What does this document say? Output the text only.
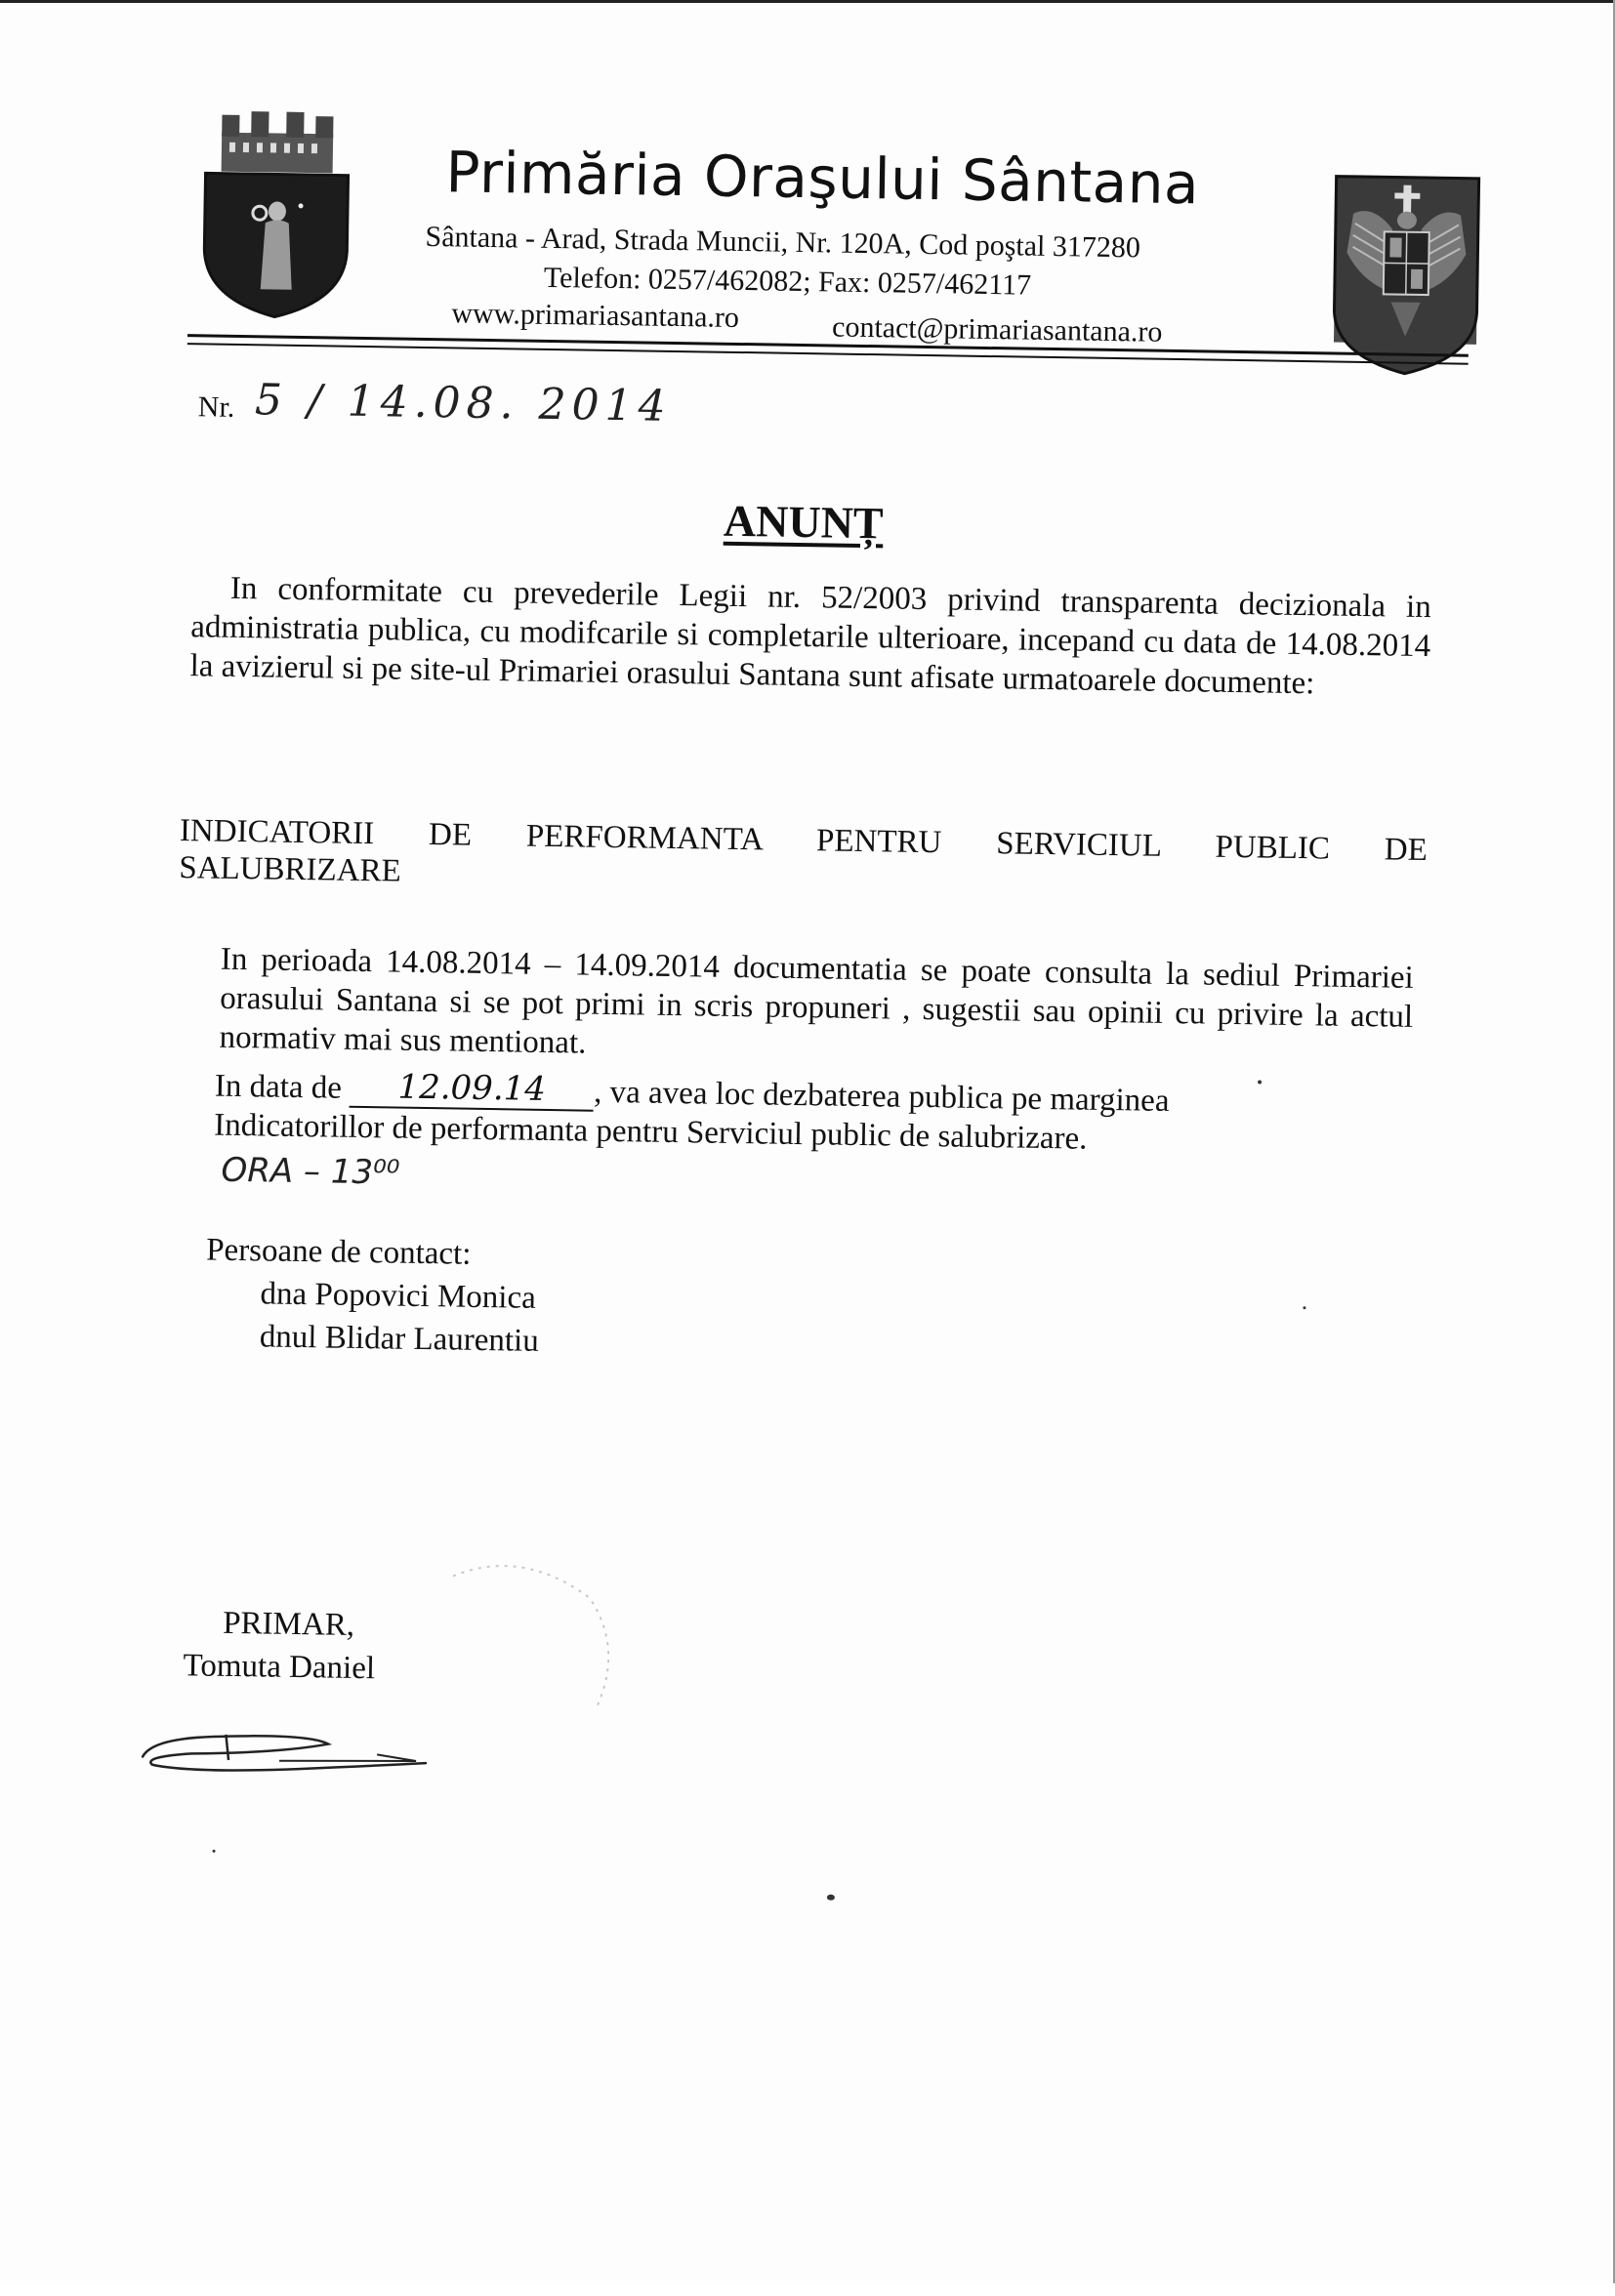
Primăria Oraşului Sântana
Sântana - Arad, Strada Muncii, Nr. 120A, Cod poştal 317280
Telefon: 0257/462082; Fax: 0257/462117
www.primariasantana.ro	contact@primariasantana.ro
Nr. 5 / 14.08. 2014
ANUNȚ
In conformitate cu prevederile Legii nr. 52/2003 privind transparenta decizionala in administratia publica, cu modifcarile si completarile ulterioare, incepand cu data de 14.08.2014 la avizierul si pe site-ul Primariei orasului Santana sunt afisate urmatoarele documente:
INDICATORII DE PERFORMANTA PENTRU SERVICIUL PUBLIC DE SALUBRIZARE
In perioada 14.08.2014 – 14.09.2014 documentatia se poate consulta la sediul Primariei orasului Santana si se pot primi in scris propuneri , sugestii sau opinii cu privire la actul normativ mai sus mentionat.
In data de 12.09.14 , va avea loc dezbaterea publica pe marginea
Indicatorillor de performanta pentru Serviciul public de salubrizare.
ORA – 13⁰⁰
Persoane de contact:
dna Popovici Monica
dnul Blidar Laurentiu
PRIMAR,
Tomuta Daniel
